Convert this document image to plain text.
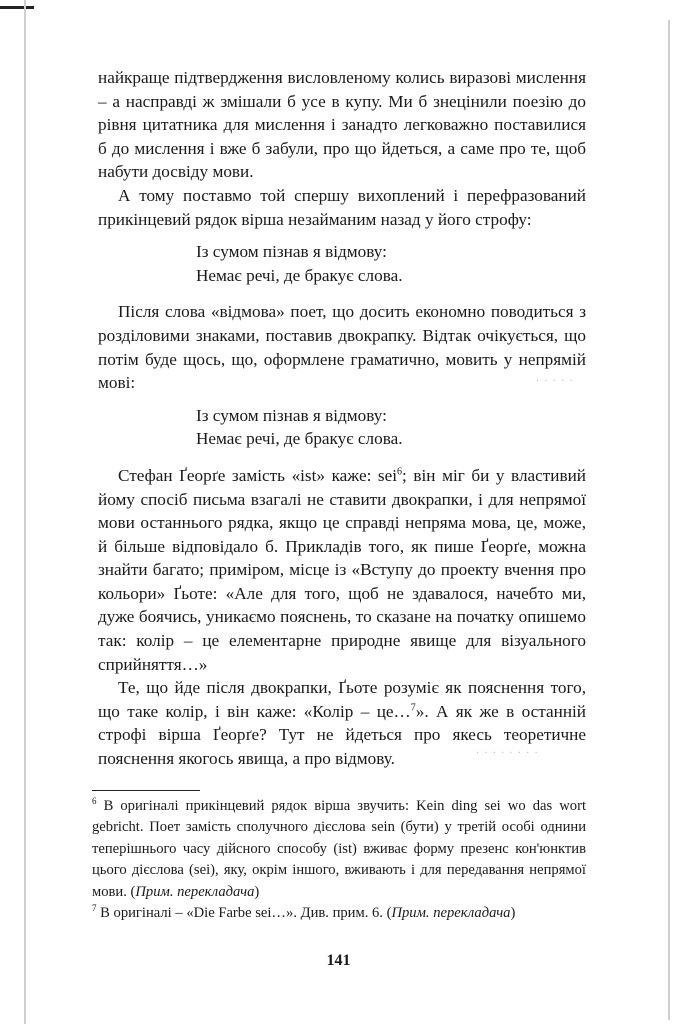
найкраще підтвердження висловленому колись виразові мислення – а насправді ж змішали б усе в купу. Ми б знецінили поезію до рівня цитатника для мислення і занадто легковажно поставилися б до мислення і вже б забули, про що йдеться, а саме про те, щоб набути досвіду мови.

А тому поставмо той спершу вихоплений і перефразований прикінцевий рядок вірша незайманим назад у його строфу:

Із сумом пізнав я відмову:
Немає речі, де бракує слова.

Після слова «відмова» поет, що досить економно поводиться з розділовими знаками, поставив двокрапку. Відтак очікується, що потім буде щось, що, оформлене граматично, мовить у непрямій мові:

Із сумом пізнав я відмову:
Немає речі, де бракує слова.

Стефан Ґеорґе замість «ist» каже: sei$^6$; він міг би у властивий йому спосіб письма взагалі не ставити двокрапки, і для непрямої мови останнього рядка, якщо це справді непряма мова, це, може, й більше відповідало б. Прикладів того, як пише Ґеорґе, можна знайти багато; приміром, місце із «Вступу до проекту вчення про кольори» Ґьоте: «Але для того, щоб не здавалося, начебто ми, дуже боячись, уникаємо пояснень, то сказане на початку опишемо так: колір – це елементарне природне явище для візуального сприйняття…»

Те, що йде після двокрапки, Ґьоте розуміє як пояснення того, що таке колір, і він каже: «Колір – це…$^7$». А як же в останній строфі вірша Ґеорґе? Тут не йдеться про якесь теоретичне пояснення якогось явища, а про відмову.

· · · · ·
· · · · · · · ·

$^6$ В оригіналі прикінцевий рядок вірша звучить: Kein ding sei wo das wort gebricht. Поет замість сполучного дієслова sein (бути) у третій особі однини теперішнього часу дійсного способу (ist) вживає форму презенс кон'юнктив цього дієслова (sei), яку, окрім іншого, вживають і для передавання непрямої мови. (Прим. перекладача)

$^7$ В оригіналі – «Die Farbe sei…». Див. прим. 6. (Прим. перекладача)

141
